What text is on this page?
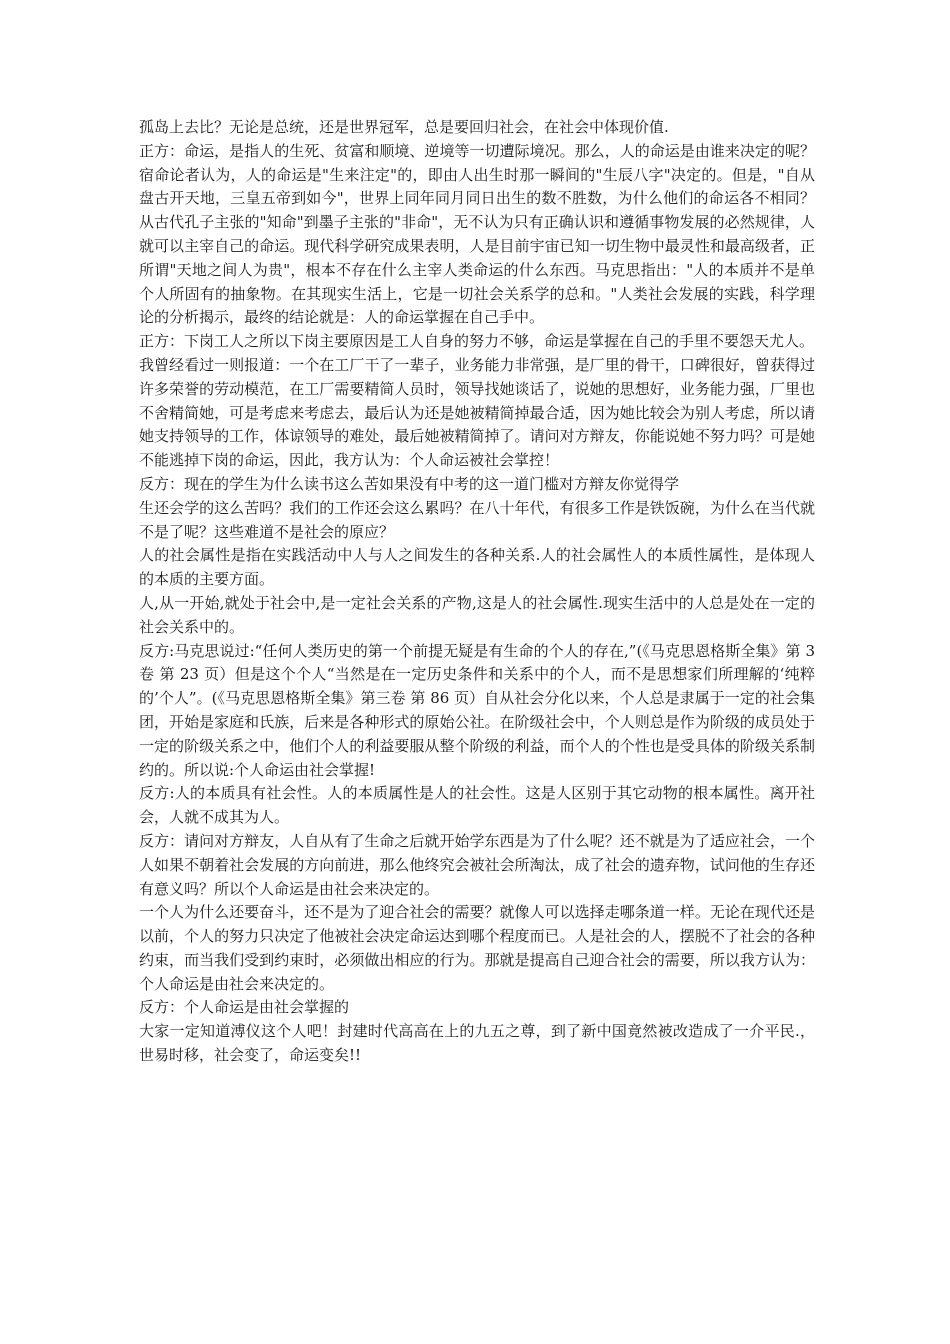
孤岛上去比？无论是总统，还是世界冠军，总是要回归社会，在社会中体现价值.

正方：命运，是指人的生死、贫富和顺境、逆境等一切遭际境况。那么，人的命运是由谁来决定的呢？宿命论者认为，人的命运是"生来注定"的，即由人出生时那一瞬间的"生辰八字"决定的。但是，"自从盘古开天地，三皇五帝到如今"，世界上同年同月同日出生的数不胜数，为什么他们的命运各不相同？从古代孔子主张的"知命"到墨子主张的"非命"，无不认为只有正确认识和遵循事物发展的必然规律，人就可以主宰自己的命运。现代科学研究成果表明，人是目前宇宙已知一切生物中最灵性和最高级者，正所谓"天地之间人为贵"，根本不存在什么主宰人类命运的什么东西。马克思指出："人的本质并不是单个人所固有的抽象物。在其现实生活上，它是一切社会关系学的总和。"人类社会发展的实践，科学理论的分析揭示，最终的结论就是：人的命运掌握在自己手中。

正方：下岗工人之所以下岗主要原因是工人自身的努力不够，命运是掌握在自己的手里不要怨天尤人。

我曾经看过一则报道：一个在工厂干了一辈子，业务能力非常强，是厂里的骨干，口碑很好，曾获得过许多荣誉的劳动模范，在工厂需要精简人员时，领导找她谈话了，说她的思想好，业务能力强，厂里也不舍精简她，可是考虑来考虑去，最后认为还是她被精简掉最合适，因为她比较会为别人考虑，所以请她支持领导的工作，体谅领导的难处，最后她被精简掉了。请问对方辩友，你能说她不努力吗？可是她不能逃掉下岗的命运，因此，我方认为：个人命运被社会掌控！

反方：现在的学生为什么读书这么苦如果没有中考的这一道门槛对方辩友你觉得学

生还会学的这么苦吗？我们的工作还会这么累吗？在八十年代，有很多工作是铁饭碗，为什么在当代就不是了呢？这些难道不是社会的原应？

人的社会属性是指在实践活动中人与人之间发生的各种关系.人的社会属性人的本质性属性，是体现人的本质的主要方面。

人,从一开始,就处于社会中,是一定社会关系的产物,这是人的社会属性.现实生活中的人总是处在一定的社会关系中的。

反方:马克思说过:“任何人类历史的第一个前提无疑是有生命的个人的存在,”(《马克思恩格斯全集》第 3 卷 第 23 页）但是这个个人“当然是在一定历史条件和关系中的个人，而不是思想家们所理解的‘纯粹的’个人”。(《马克思恩格斯全集》第三卷 第 86 页）自从社会分化以来，个人总是隶属于一定的社会集团，开始是家庭和氏族，后来是各种形式的原始公社。在阶级社会中，个人则总是作为阶级的成员处于一定的阶级关系之中，他们个人的利益要服从整个阶级的利益，而个人的个性也是受具体的阶级关系制约的。所以说:个人命运由社会掌握!

反方:人的本质具有社会性。人的本质属性是人的社会性。这是人区别于其它动物的根本属性。离开社会，人就不成其为人。

反方：请问对方辩友，人自从有了生命之后就开始学东西是为了什么呢？还不就是为了适应社会，一个人如果不朝着社会发展的方向前进，那么他终究会被社会所淘汰，成了社会的遗弃物，试问他的生存还有意义吗？所以个人命运是由社会来决定的。

一个人为什么还要奋斗，还不是为了迎合社会的需要？就像人可以选择走哪条道一样。无论在现代还是以前，个人的努力只决定了他被社会决定命运达到哪个程度而已。人是社会的人，摆脱不了社会的各种约束，而当我们受到约束时，必须做出相应的行为。那就是提高自己迎合社会的需要，所以我方认为：个人命运是由社会来决定的。

反方：个人命运是由社会掌握的

大家一定知道溥仪这个人吧！封建时代高高在上的九五之尊，到了新中国竟然被改造成了一介平民.，世易时移，社会变了，命运变矣!!
